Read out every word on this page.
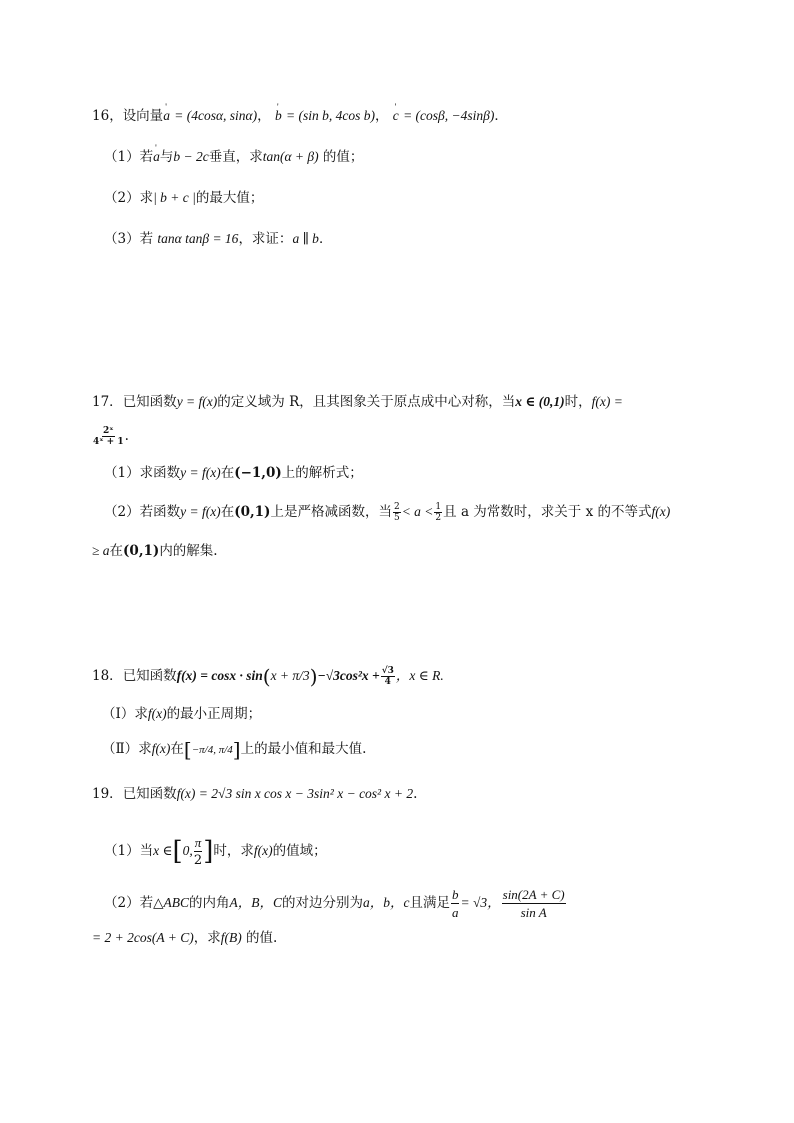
16，设向量' a = (4cosα, sinα)， ' b = (sin b, 4cos b)， ' c = (cosβ, −4sinβ)．
（1）若' a与b − 2c垂直，求tan(α + β) 的值；
（2）求| b + c |的最大值；
（3）若 tanα tanβ = 16，求证：a ∥ b．
17．已知函数y = f(x)的定义域为 R，且其图象关于原点成中心对称，当x ∈ (0,1)时，f(x) =
$\frac{\text{2ˣ}}{\text{4ˣ + 1}}$ .
（1）求函数y = f(x)在(−1,0)上的解析式；
（2）若函数y = f(x)在(0,1)上是严格减函数，当 $\frac{2}{5} < a < \frac{1}{2}$ 且 a 为常数时，求关于 x 的不等式f(x)
≥ a在(0,1)内的解集.
18．已知函数$f(x) = \cos x \cdot \sin(x + \pi/3)-√3\cos^2x + \frac{√3}{4}$ ，x ∈ R.
（Ⅰ）求f(x)的最小正周期；
（Ⅱ）求f(x)在[−π/4, π/4]上的最小值和最大值.
19．已知函数f(x) = 2√3 sin x cos x − 3sin² x − cos² x + 2.
（1）当x ∈[0, $\frac{\pi}{2}$ ]时，求f(x)的值域；
（2）若△ABC的内角A，B，C的对边分别为a，b，c且满足 $\frac{b}{a} = √3$， $\frac{\sin(2A + C)}{\text{sin A}}$
= 2 + 2cos(A + C)，求f(B) 的值.
